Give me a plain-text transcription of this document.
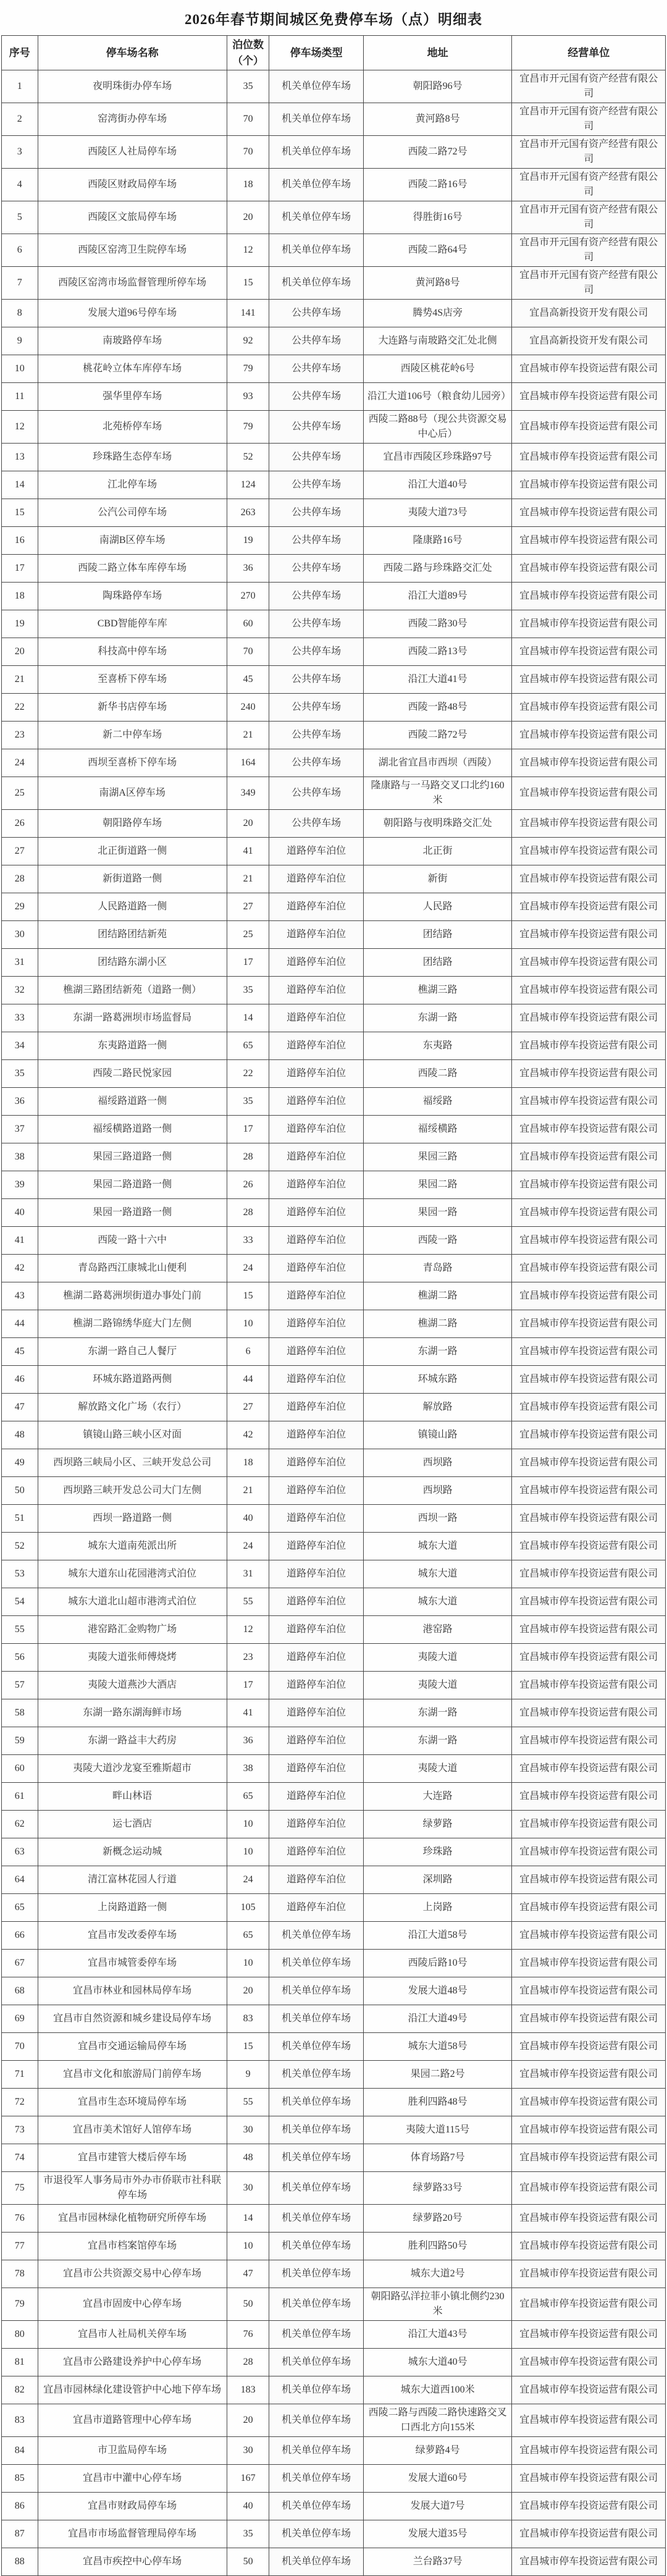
2026年春节期间城区免费停车场（点）明细表
序号	停车场名称	泊位数（个）	停车场类型	地址	经营单位
1	夜明珠街办停车场	35	机关单位停车场	朝阳路96号	宜昌市开元国有资产经营有限公司
2	窑湾街办停车场	70	机关单位停车场	黄河路8号	宜昌市开元国有资产经营有限公司
3	西陵区人社局停车场	70	机关单位停车场	西陵二路72号	宜昌市开元国有资产经营有限公司
4	西陵区财政局停车场	18	机关单位停车场	西陵二路16号	宜昌市开元国有资产经营有限公司
5	西陵区文旅局停车场	20	机关单位停车场	得胜街16号	宜昌市开元国有资产经营有限公司
6	西陵区窑湾卫生院停车场	12	机关单位停车场	西陵二路64号	宜昌市开元国有资产经营有限公司
7	西陵区窑湾市场监督管理所停车场	15	机关单位停车场	黄河路8号	宜昌市开元国有资产经营有限公司
8	发展大道96号停车场	141	公共停车场	腾势4S店旁	宜昌高新投资开发有限公司
9	南玻路停车场	92	公共停车场	大连路与南玻路交汇处北侧	宜昌高新投资开发有限公司
10	桃花岭立体车库停车场	79	公共停车场	西陵区桃花岭6号	宜昌城市停车投资运营有限公司
11	强华里停车场	93	公共停车场	沿江大道106号（粮食幼儿园旁）	宜昌城市停车投资运营有限公司
12	北苑桥停车场	79	公共停车场	西陵二路88号（现公共资源交易中心后）	宜昌城市停车投资运营有限公司
13	珍珠路生态停车场	52	公共停车场	宜昌市西陵区珍珠路97号	宜昌城市停车投资运营有限公司
14	江北停车场	124	公共停车场	沿江大道40号	宜昌城市停车投资运营有限公司
15	公汽公司停车场	263	公共停车场	夷陵大道73号	宜昌城市停车投资运营有限公司
16	南湖B区停车场	19	公共停车场	隆康路16号	宜昌城市停车投资运营有限公司
17	西陵二路立体车库停车场	36	公共停车场	西陵二路与珍珠路交汇处	宜昌城市停车投资运营有限公司
18	陶珠路停车场	270	公共停车场	沿江大道89号	宜昌城市停车投资运营有限公司
19	CBD智能停车库	60	公共停车场	西陵二路30号	宜昌城市停车投资运营有限公司
20	科技高中停车场	70	公共停车场	西陵二路13号	宜昌城市停车投资运营有限公司
21	至喜桥下停车场	45	公共停车场	沿江大道41号	宜昌城市停车投资运营有限公司
22	新华书店停车场	240	公共停车场	西陵一路48号	宜昌城市停车投资运营有限公司
23	新二中停车场	21	公共停车场	西陵二路72号	宜昌城市停车投资运营有限公司
24	西坝至喜桥下停车场	164	公共停车场	湖北省宜昌市西坝（西陵）	宜昌城市停车投资运营有限公司
25	南湖A区停车场	349	公共停车场	隆康路与一马路交叉口北约160米	宜昌城市停车投资运营有限公司
26	朝阳路停车场	20	公共停车场	朝阳路与夜明珠路交汇处	宜昌城市停车投资运营有限公司
27	北正街道路一侧	41	道路停车泊位	北正街	宜昌城市停车投资运营有限公司
28	新街道路一侧	21	道路停车泊位	新街	宜昌城市停车投资运营有限公司
29	人民路道路一侧	27	道路停车泊位	人民路	宜昌城市停车投资运营有限公司
30	团结路团结新苑	25	道路停车泊位	团结路	宜昌城市停车投资运营有限公司
31	团结路东湖小区	17	道路停车泊位	团结路	宜昌城市停车投资运营有限公司
32	樵湖三路团结新苑（道路一侧）	35	道路停车泊位	樵湖三路	宜昌城市停车投资运营有限公司
33	东湖一路葛洲坝市场监督局	14	道路停车泊位	东湖一路	宜昌城市停车投资运营有限公司
34	东夷路道路一侧	65	道路停车泊位	东夷路	宜昌城市停车投资运营有限公司
35	西陵二路民悦家园	22	道路停车泊位	西陵二路	宜昌城市停车投资运营有限公司
36	福绥路道路一侧	35	道路停车泊位	福绥路	宜昌城市停车投资运营有限公司
37	福绥横路道路一侧	17	道路停车泊位	福绥横路	宜昌城市停车投资运营有限公司
38	果园三路道路一侧	28	道路停车泊位	果园三路	宜昌城市停车投资运营有限公司
39	果园二路道路一侧	26	道路停车泊位	果园二路	宜昌城市停车投资运营有限公司
40	果园一路道路一侧	28	道路停车泊位	果园一路	宜昌城市停车投资运营有限公司
41	西陵一路十六中	33	道路停车泊位	西陵一路	宜昌城市停车投资运营有限公司
42	青岛路西江康城北山便利	24	道路停车泊位	青岛路	宜昌城市停车投资运营有限公司
43	樵湖二路葛洲坝街道办事处门前	15	道路停车泊位	樵湖二路	宜昌城市停车投资运营有限公司
44	樵湖二路锦绣华庭大门左侧	10	道路停车泊位	樵湖二路	宜昌城市停车投资运营有限公司
45	东湖一路自己人餐厅	6	道路停车泊位	东湖一路	宜昌城市停车投资运营有限公司
46	环城东路道路两侧	44	道路停车泊位	环城东路	宜昌城市停车投资运营有限公司
47	解放路文化广场（农行）	27	道路停车泊位	解放路	宜昌城市停车投资运营有限公司
48	镇镜山路三峡小区对面	42	道路停车泊位	镇镜山路	宜昌城市停车投资运营有限公司
49	西坝路三峡局小区、三峡开发总公司	18	道路停车泊位	西坝路	宜昌城市停车投资运营有限公司
50	西坝路三峡开发总公司大门左侧	21	道路停车泊位	西坝路	宜昌城市停车投资运营有限公司
51	西坝一路道路一侧	40	道路停车泊位	西坝一路	宜昌城市停车投资运营有限公司
52	城东大道南苑派出所	24	道路停车泊位	城东大道	宜昌城市停车投资运营有限公司
53	城东大道东山花园港湾式泊位	31	道路停车泊位	城东大道	宜昌城市停车投资运营有限公司
54	城东大道北山超市港湾式泊位	55	道路停车泊位	城东大道	宜昌城市停车投资运营有限公司
55	港窑路汇金购物广场	12	道路停车泊位	港窑路	宜昌城市停车投资运营有限公司
56	夷陵大道张师傅烧烤	23	道路停车泊位	夷陵大道	宜昌城市停车投资运营有限公司
57	夷陵大道燕沙大酒店	17	道路停车泊位	夷陵大道	宜昌城市停车投资运营有限公司
58	东湖一路东湖海鲜市场	41	道路停车泊位	东湖一路	宜昌城市停车投资运营有限公司
59	东湖一路益丰大药房	36	道路停车泊位	东湖一路	宜昌城市停车投资运营有限公司
60	夷陵大道沙龙宴至雅斯超市	38	道路停车泊位	夷陵大道	宜昌城市停车投资运营有限公司
61	畔山林语	65	道路停车泊位	大连路	宜昌城市停车投资运营有限公司
62	运七酒店	10	道路停车泊位	绿萝路	宜昌城市停车投资运营有限公司
63	新概念运动城	10	道路停车泊位	珍珠路	宜昌城市停车投资运营有限公司
64	清江富林花园人行道	24	道路停车泊位	深圳路	宜昌城市停车投资运营有限公司
65	上岗路道路一侧	105	道路停车泊位	上岗路	宜昌城市停车投资运营有限公司
66	宜昌市发改委停车场	65	机关单位停车场	沿江大道58号	宜昌城市停车投资运营有限公司
67	宜昌市城管委停车场	10	机关单位停车场	西陵后路10号	宜昌城市停车投资运营有限公司
68	宜昌市林业和园林局停车场	20	机关单位停车场	发展大道48号	宜昌城市停车投资运营有限公司
69	宜昌市自然资源和城乡建设局停车场	83	机关单位停车场	沿江大道49号	宜昌城市停车投资运营有限公司
70	宜昌市交通运输局停车场	15	机关单位停车场	城东大道58号	宜昌城市停车投资运营有限公司
71	宜昌市文化和旅游局门前停车场	9	机关单位停车场	果园二路2号	宜昌城市停车投资运营有限公司
72	宜昌市生态环境局停车场	55	机关单位停车场	胜利四路48号	宜昌城市停车投资运营有限公司
73	宜昌市美术馆好人馆停车场	30	机关单位停车场	夷陵大道115号	宜昌城市停车投资运营有限公司
74	宜昌市建管大楼后停车场	48	机关单位停车场	体育场路7号	宜昌城市停车投资运营有限公司
75	市退役军人事务局市外办市侨联市社科联停车场	30	机关单位停车场	绿萝路33号	宜昌城市停车投资运营有限公司
76	宜昌市园林绿化植物研究所停车场	14	机关单位停车场	绿萝路20号	宜昌城市停车投资运营有限公司
77	宜昌市档案馆停车场	10	机关单位停车场	胜利四路50号	宜昌城市停车投资运营有限公司
78	宜昌市公共资源交易中心停车场	47	机关单位停车场	城东大道2号	宜昌城市停车投资运营有限公司
79	宜昌市固废中心停车场	50	机关单位停车场	朝阳路弘洋拉菲小镇北侧约230米	宜昌城市停车投资运营有限公司
80	宜昌市人社局机关停车场	76	机关单位停车场	沿江大道43号	宜昌城市停车投资运营有限公司
81	宜昌市公路建设养护中心停车场	28	机关单位停车场	城东大道40号	宜昌城市停车投资运营有限公司
82	宜昌市园林绿化建设管护中心地下停车场	183	机关单位停车场	城东大道西100米	宜昌城市停车投资运营有限公司
83	宜昌市道路管理中心停车场	20	机关单位停车场	西陵二路与西陵二路快速路交叉口西北方向155米	宜昌城市停车投资运营有限公司
84	市卫监局停车场	30	机关单位停车场	绿萝路4号	宜昌城市停车投资运营有限公司
85	宜昌市中灌中心停车场	167	机关单位停车场	发展大道60号	宜昌城市停车投资运营有限公司
86	宜昌市财政局停车场	40	机关单位停车场	发展大道7号	宜昌城市停车投资运营有限公司
87	宜昌市市场监督管理局停车场	35	机关单位停车场	发展大道35号	宜昌城市停车投资运营有限公司
88	宜昌市疾控中心停车场	50	机关单位停车场	兰台路37号	宜昌城市停车投资运营有限公司
